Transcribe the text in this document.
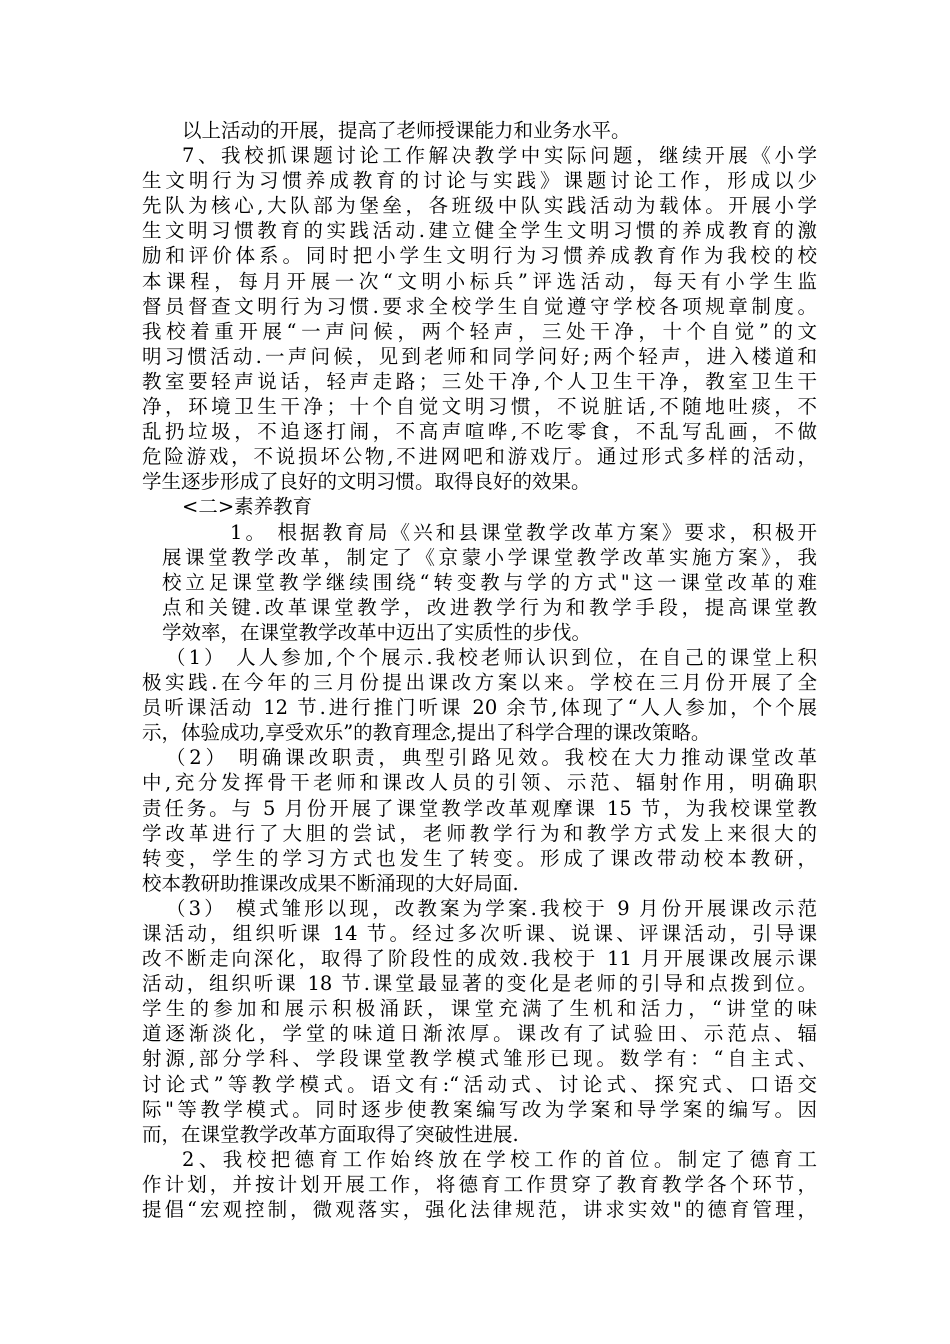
以上活动的开展，提高了老师授课能力和业务水平。
7、我校抓课题讨论工作解决教学中实际问题，继续开展《小学
生文明行为习惯养成教育的讨论与实践》课题讨论工作，形成以少
先队为核心,大队部为堡垒，各班级中队实践活动为载体。开展小学
生文明习惯教育的实践活动.建立健全学生文明习惯的养成教育的激
励和评价体系。同时把小学生文明行为习惯养成教育作为我校的校
本课程，每月开展一次“文明小标兵”评选活动，每天有小学生监
督员督查文明行为习惯.要求全校学生自觉遵守学校各项规章制度。
我校着重开展“一声问候，两个轻声，三处干净，十个自觉”的文
明习惯活动.一声问候，见到老师和同学问好;两个轻声，进入楼道和
教室要轻声说话，轻声走路；三处干净,个人卫生干净，教室卫生干
净，环境卫生干净；十个自觉文明习惯，不说脏话,不随地吐痰，不
乱扔垃圾，不追逐打闹，不高声喧哗,不吃零食，不乱写乱画，不做
危险游戏，不说损坏公物,不进网吧和游戏厅。通过形式多样的活动，
学生逐步形成了良好的文明习惯。取得良好的效果。
<二>素养教育
1。 根据教育局《兴和县课堂教学改革方案》要求，积极开
展课堂教学改革，制定了《京蒙小学课堂教学改革实施方案》，我
校立足课堂教学继续围绕“转变教与学的方式"这一课堂改革的难
点和关键.改革课堂教学，改进教学行为和教学手段，提高课堂教
学效率，在课堂教学改革中迈出了实质性的步伐。
（1） 人人参加,个个展示.我校老师认识到位，在自己的课堂上积
极实践.在今年的三月份提出课改方案以来。学校在三月份开展了全
员听课活动 12 节.进行推门听课 20 余节,体现了“人人参加，个个展
示，体验成功,享受欢乐”的教育理念,提出了科学合理的课改策略。
（2） 明确课改职责，典型引路见效。我校在大力推动课堂改革
中,充分发挥骨干老师和课改人员的引领、示范、辐射作用，明确职
责任务。与 5 月份开展了课堂教学改革观摩课 15 节，为我校课堂教
学改革进行了大胆的尝试，老师教学行为和教学方式发上来很大的
转变，学生的学习方式也发生了转变。形成了课改带动校本教研，
校本教研助推课改成果不断涌现的大好局面.
（3） 模式雏形以现，改教案为学案.我校于 9 月份开展课改示范
课活动，组织听课 14 节。经过多次听课、说课、评课活动，引导课
改不断走向深化，取得了阶段性的成效.我校于 11 月开展课改展示课
活动，组织听课 18 节.课堂最显著的变化是老师的引导和点拨到位。
学生的参加和展示积极涌跃，课堂充满了生机和活力，“讲堂的味
道逐渐淡化，学堂的味道日渐浓厚。课改有了试验田、示范点、辐
射源,部分学科、学段课堂教学模式雏形已现。数学有：“自主式、
讨论式”等教学模式。语文有:“活动式、讨论式、探究式、口语交
际"等教学模式。同时逐步使教案编写改为学案和导学案的编写。因
而，在课堂教学改革方面取得了突破性进展.
2、我校把德育工作始终放在学校工作的首位。制定了德育工
作计划，并按计划开展工作，将德育工作贯穿了教育教学各个环节，
提倡“宏观控制，微观落实，强化法律规范，讲求实效"的德育管理，
